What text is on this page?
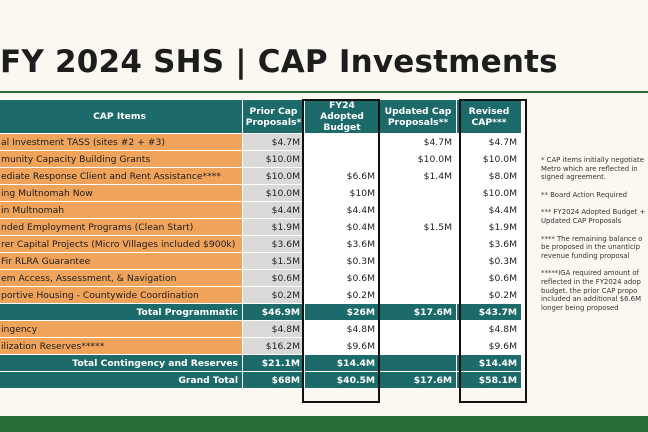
FY 2024 SHS | CAP Investments
CAP Items	Prior Cap Proposals*	FY24 Adopted Budget	Updated Cap Proposals**	Revised CAP***
al Investment TASS (sites #2 + #3)	$4.7M		$4.7M	$4.7M
munity Capacity Building Grants	$10.0M		$10.0M	$10.0M
ediate Response Client and Rent Assistance****	$10.0M	$6.6M	$1.4M	$8.0M
ing Multnomah Now	$10.0M	$10M		$10.0M
in Multnomah	$4.4M	$4.4M		$4.4M
nded Employment Programs (Clean Start)	$1.9M	$0.4M	$1.5M	$1.9M
rer Capital Projects (Micro Villages included $900k)	$3.6M	$3.6M		$3.6M
Fir RLRA Guarantee	$1.5M	$0.3M		$0.3M
em Access, Assessment, & Navigation	$0.6M	$0.6M		$0.6M
portive Housing - Countywide Coordination	$0.2M	$0.2M		$0.2M
Total Programmatic	$46.9M	$26M	$17.6M	$43.7M
ingency	$4.8M	$4.8M		$4.8M
ilization Reserves*****	$16.2M	$9.6M		$9.6M
Total Contingency and Reserves	$21.1M	$14.4M		$14.4M
Grand Total	$68M	$40.5M	$17.6M	$58.1M

* CAP items initially negotiate
Metro which are reflected in
signed agreement.

** Board Action Required

*** FY2024 Adopted Budget +
Updated CAP Proposals

**** The remaining balance o
be proposed in the unanticip
revenue funding proposal

*****IGA required amount of
reflected in the FY2024 adop
budget. the prior CAP propo
included an additional $6.6M
longer being proposed
